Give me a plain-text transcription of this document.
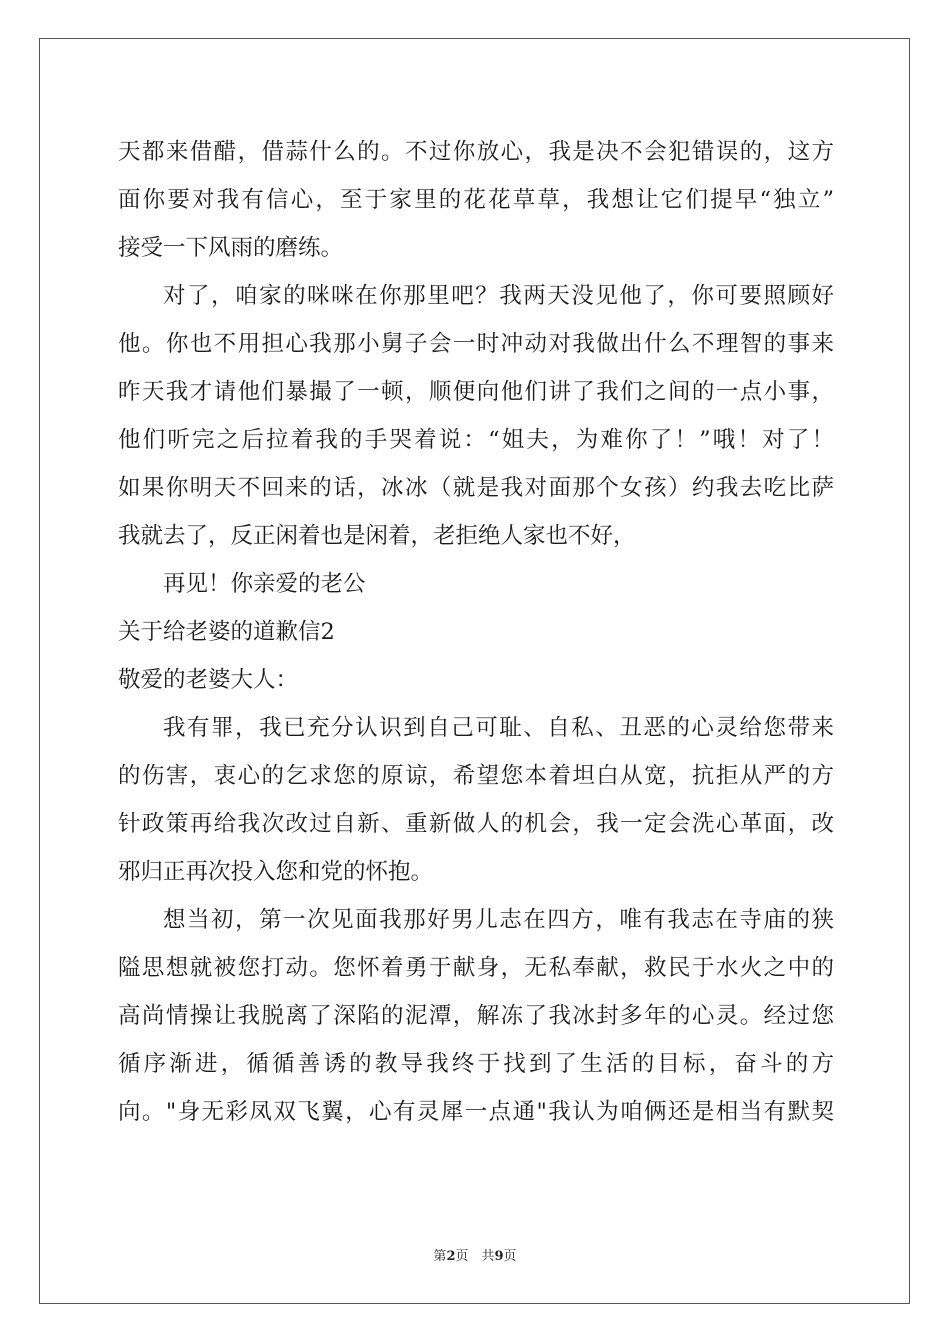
天都来借醋，借蒜什么的。不过你放心，我是决不会犯错误的，这方
面你要对我有信心，至于家里的花花草草，我想让它们提早“独立”
接受一下风雨的磨练。
对了，咱家的咪咪在你那里吧？我两天没见他了，你可要照顾好
他。你也不用担心我那小舅子会一时冲动对我做出什么不理智的事来
昨天我才请他们暴撮了一顿，顺便向他们讲了我们之间的一点小事，
他们听完之后拉着我的手哭着说：“姐夫，为难你了！”哦！对了！
如果你明天不回来的话，冰冰（就是我对面那个女孩）约我去吃比萨
我就去了，反正闲着也是闲着，老拒绝人家也不好，
再见！你亲爱的老公
关于给老婆的道歉信2
敬爱的老婆大人：
我有罪，我已充分认识到自己可耻、自私、丑恶的心灵给您带来
的伤害，衷心的乞求您的原谅，希望您本着坦白从宽，抗拒从严的方
针政策再给我次改过自新、重新做人的机会，我一定会洗心革面，改
邪归正再次投入您和党的怀抱。
想当初，第一次见面我那好男儿志在四方，唯有我志在寺庙的狭
隘思想就被您打动。您怀着勇于献身，无私奉献，救民于水火之中的
高尚情操让我脱离了深陷的泥潭，解冻了我冰封多年的心灵。经过您
循序渐进，循循善诱的教导我终于找到了生活的目标，奋斗的方
向。"身无彩凤双飞翼，心有灵犀一点通"我认为咱俩还是相当有默契
第2页　共9页
